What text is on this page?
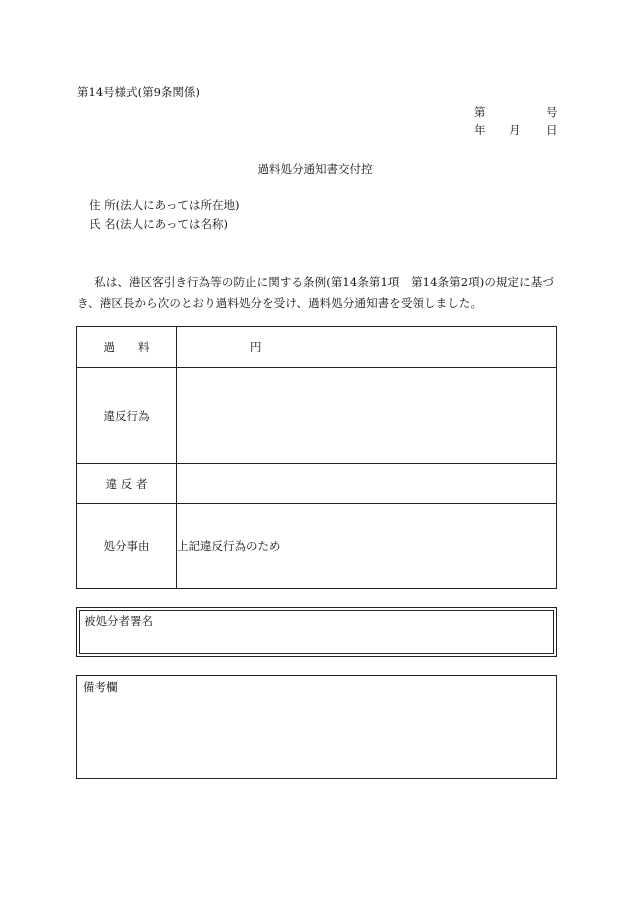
第14号様式(第9条関係)
第	号
年 月 日
過料処分通知書交付控
住 所(法人にあっては所在地)
氏 名(法人にあっては名称)
私は、港区客引き行為等の防止に関する条例(第14条第1項　第14条第2項)の規定に基づき、港区長から次のとおり過料処分を受け、過料処分通知書を受領しました。
過　　料	円
違反行為	
違 反 者	
処分事由	上記違反行為のため
被処分者署名
備考欄
